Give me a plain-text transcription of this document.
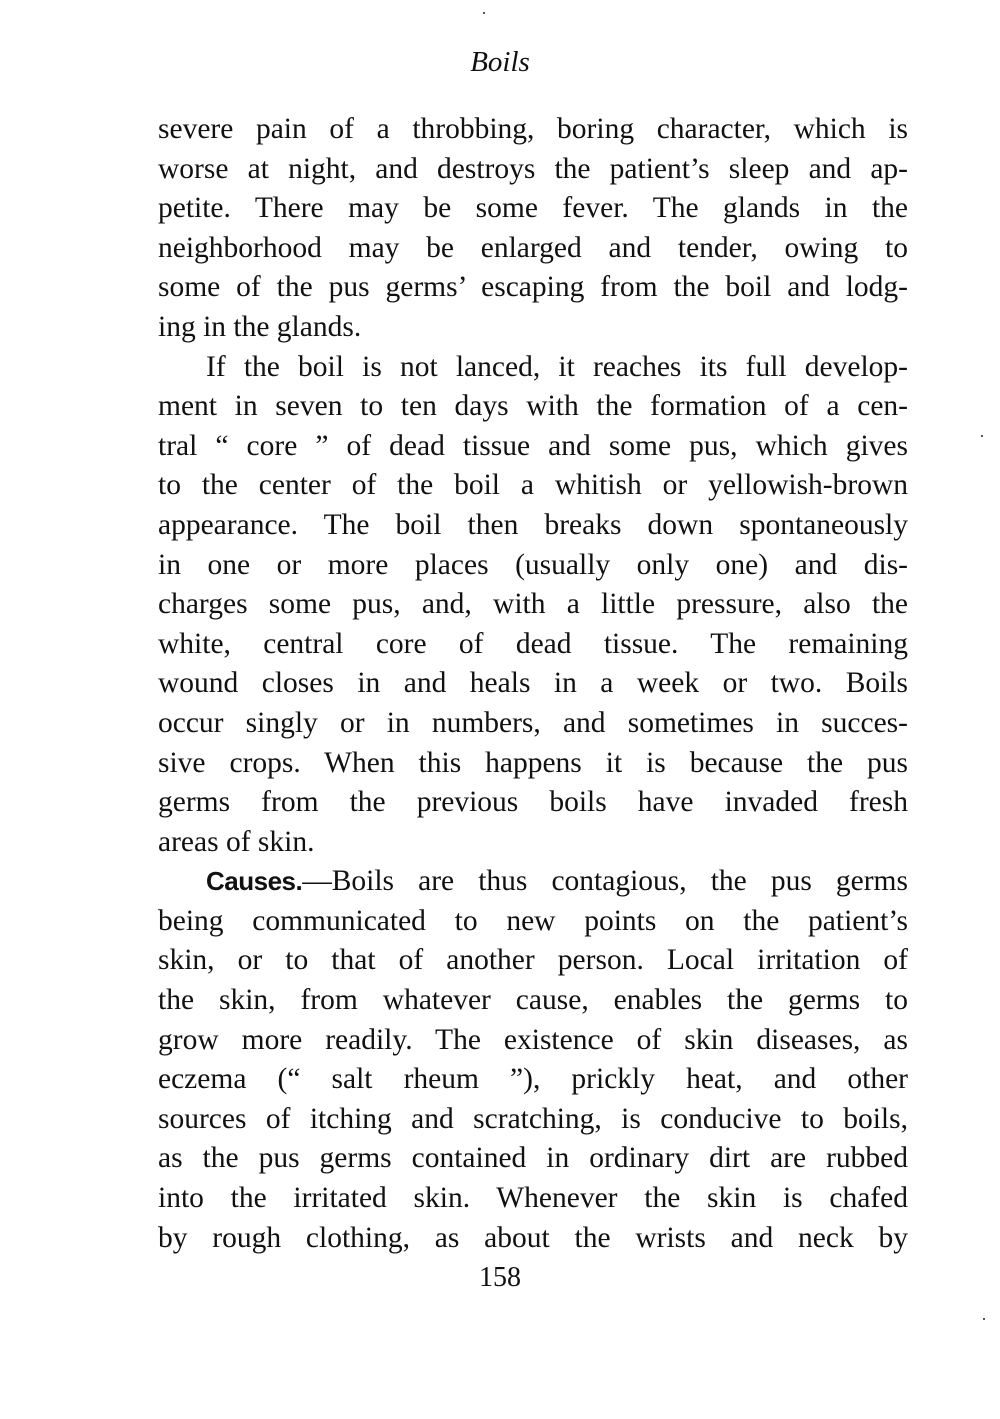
Boils
severe pain of a throbbing, boring character, which is
worse at night, and destroys the patient’s sleep and ap-
petite. There may be some fever. The glands in the
neighborhood may be enlarged and tender, owing to
some of the pus germs’ escaping from the boil and lodg-
ing in the glands.
If the boil is not lanced, it reaches its full develop-
ment in seven to ten days with the formation of a cen-
tral “ core ” of dead tissue and some pus, which gives
to the center of the boil a whitish or yellowish-brown
appearance. The boil then breaks down spontaneously
in one or more places (usually only one) and dis-
charges some pus, and, with a little pressure, also the
white, central core of dead tissue. The remaining
wound closes in and heals in a week or two. Boils
occur singly or in numbers, and sometimes in succes-
sive crops. When this happens it is because the pus
germs from the previous boils have invaded fresh
areas of skin.
Causes.—Boils are thus contagious, the pus germs
being communicated to new points on the patient’s
skin, or to that of another person. Local irritation of
the skin, from whatever cause, enables the germs to
grow more readily. The existence of skin diseases, as
eczema (“ salt rheum ”), prickly heat, and other
sources of itching and scratching, is conducive to boils,
as the pus germs contained in ordinary dirt are rubbed
into the irritated skin. Whenever the skin is chafed
by rough clothing, as about the wrists and neck by
158
